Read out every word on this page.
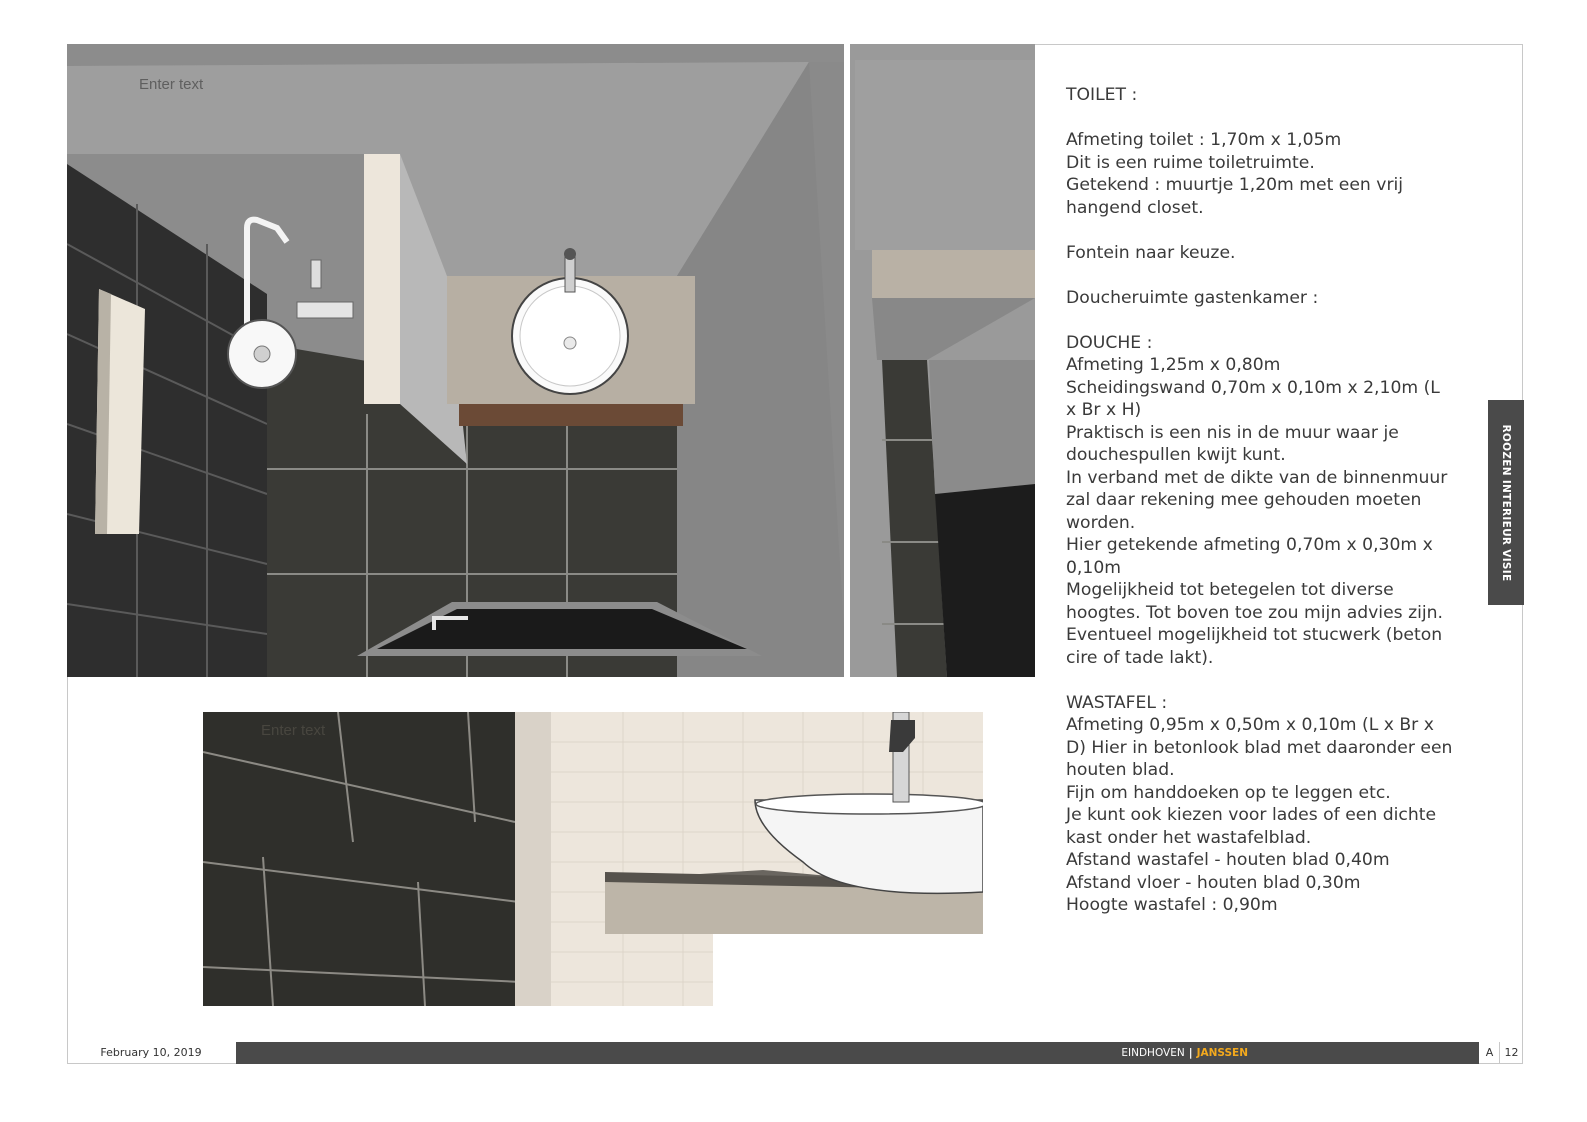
Enter text
Enter text

TOILET :

Afmeting toilet : 1,70m x 1,05m

Dit is een ruime toiletruimte.

Getekend : muurtje 1,20m met een vrij

hangend closet.

Fontein naar keuze.

Doucheruimte gastenkamer :

DOUCHE :

Afmeting 1,25m x 0,80m

Scheidingswand 0,70m x 0,10m x 2,10m (L

x Br x H)

Praktisch is een nis in de muur waar je

douchespullen kwijt kunt.

In verband met de dikte van de binnenmuur

zal daar rekening mee gehouden moeten

worden.

Hier getekende afmeting 0,70m x 0,30m x

0,10m

Mogelijkheid tot betegelen tot diverse

hoogtes. Tot boven toe zou mijn advies zijn.

Eventueel mogelijkheid tot stucwerk (beton

cire of tade lakt).

WASTAFEL :

Afmeting 0,95m x 0,50m x 0,10m (L x Br x

D) Hier in betonlook blad met daaronder een

houten blad.

Fijn om handdoeken op te leggen etc.

Je kunt ook kiezen voor lades of een dichte

kast onder het wastafelblad.

Afstand wastafel - houten blad 0,40m

Afstand vloer - houten blad 0,30m

Hoogte wastafel : 0,90m

ROOZEN INTERIEUR VISIE
February 10, 2019	EINDHOVEN | JANSSEN	A	12
